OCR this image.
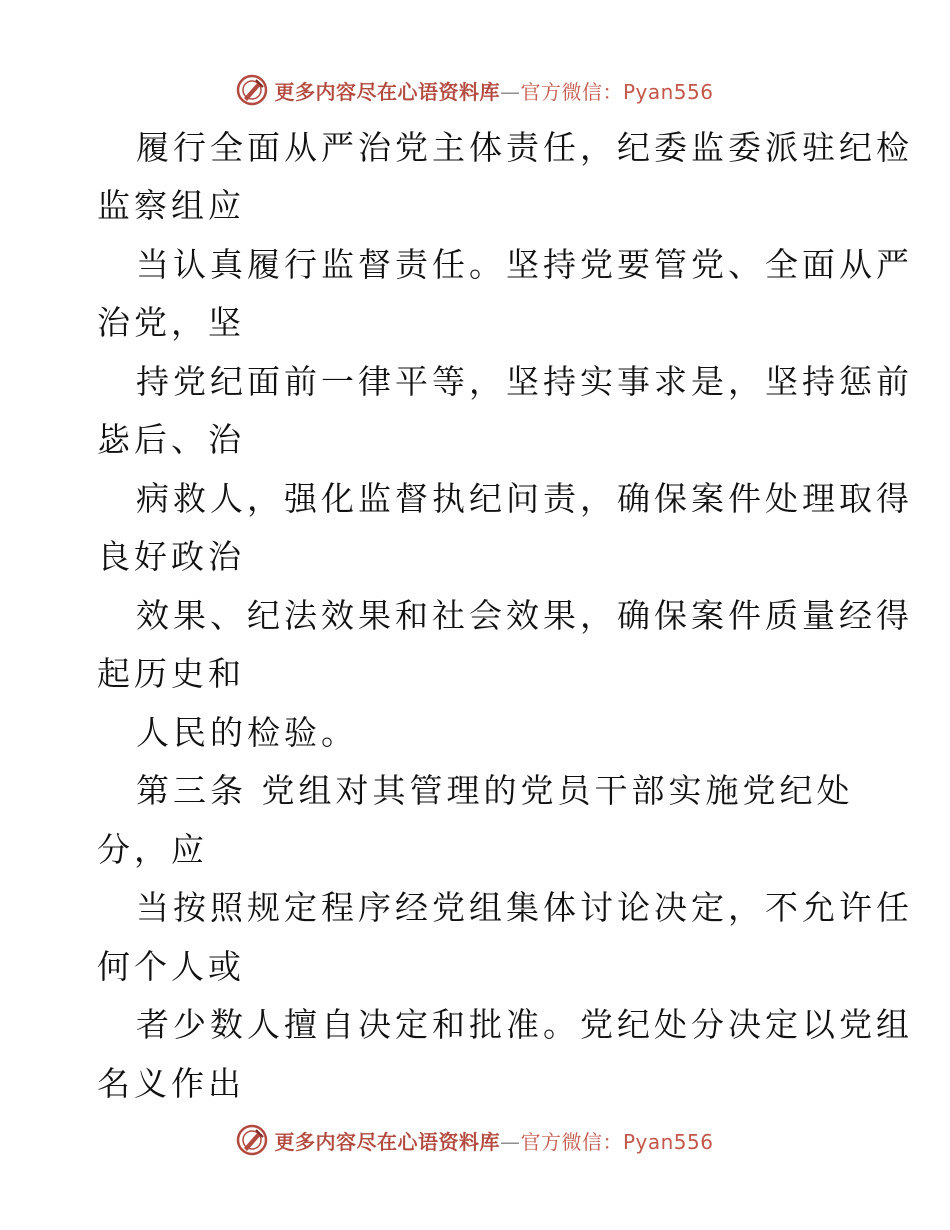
更多内容尽在心语资料库—官方微信：Pyan556
履行全面从严治党主体责任，纪委监委派驻纪检
监察组应
当认真履行监督责任。坚持党要管党、全面从严
治党，坚
持党纪面前一律平等，坚持实事求是，坚持惩前
毖后、治
病救人，强化监督执纪问责，确保案件处理取得
良好政治
效果、纪法效果和社会效果，确保案件质量经得
起历史和
人民的检验。
第三条 党组对其管理的党员干部实施党纪处
分，应
当按照规定程序经党组集体讨论决定，不允许任
何个人或
者少数人擅自决定和批准。党纪处分决定以党组
名义作出
更多内容尽在心语资料库—官方微信：Pyan556
